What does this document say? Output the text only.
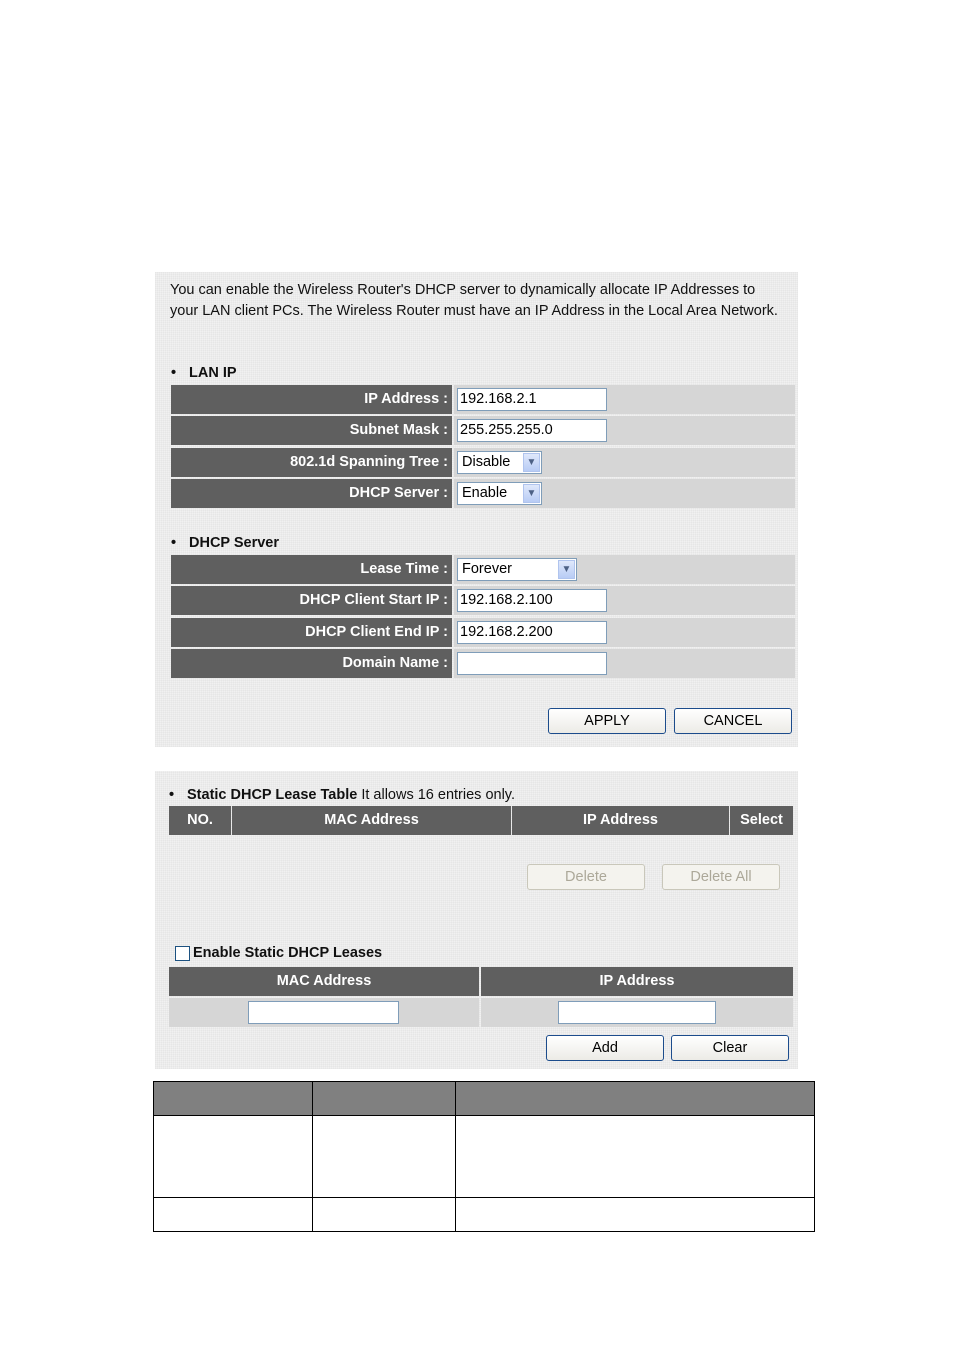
You can enable the Wireless Router's DHCP server to dynamically allocate IP Addresses to your LAN client PCs. The Wireless Router must have an IP Address in the Local Area Network.
• LAN IP
IP Address : 192.168.2.1
Subnet Mask : 255.255.255.0
802.1d Spanning Tree : Disable	▼
DHCP Server : Enable	▼
• DHCP Server
Lease Time : Forever	▼
DHCP Client Start IP : 192.168.2.100
DHCP Client End IP : 192.168.2.200
Domain Name :
APPLY	CANCEL
• Static DHCP Lease Table It allows 16 entries only.
NO.	MAC Address	IP Address	Select
Delete	Delete All
Enable Static DHCP Leases
MAC Address	IP Address
Add	Clear
